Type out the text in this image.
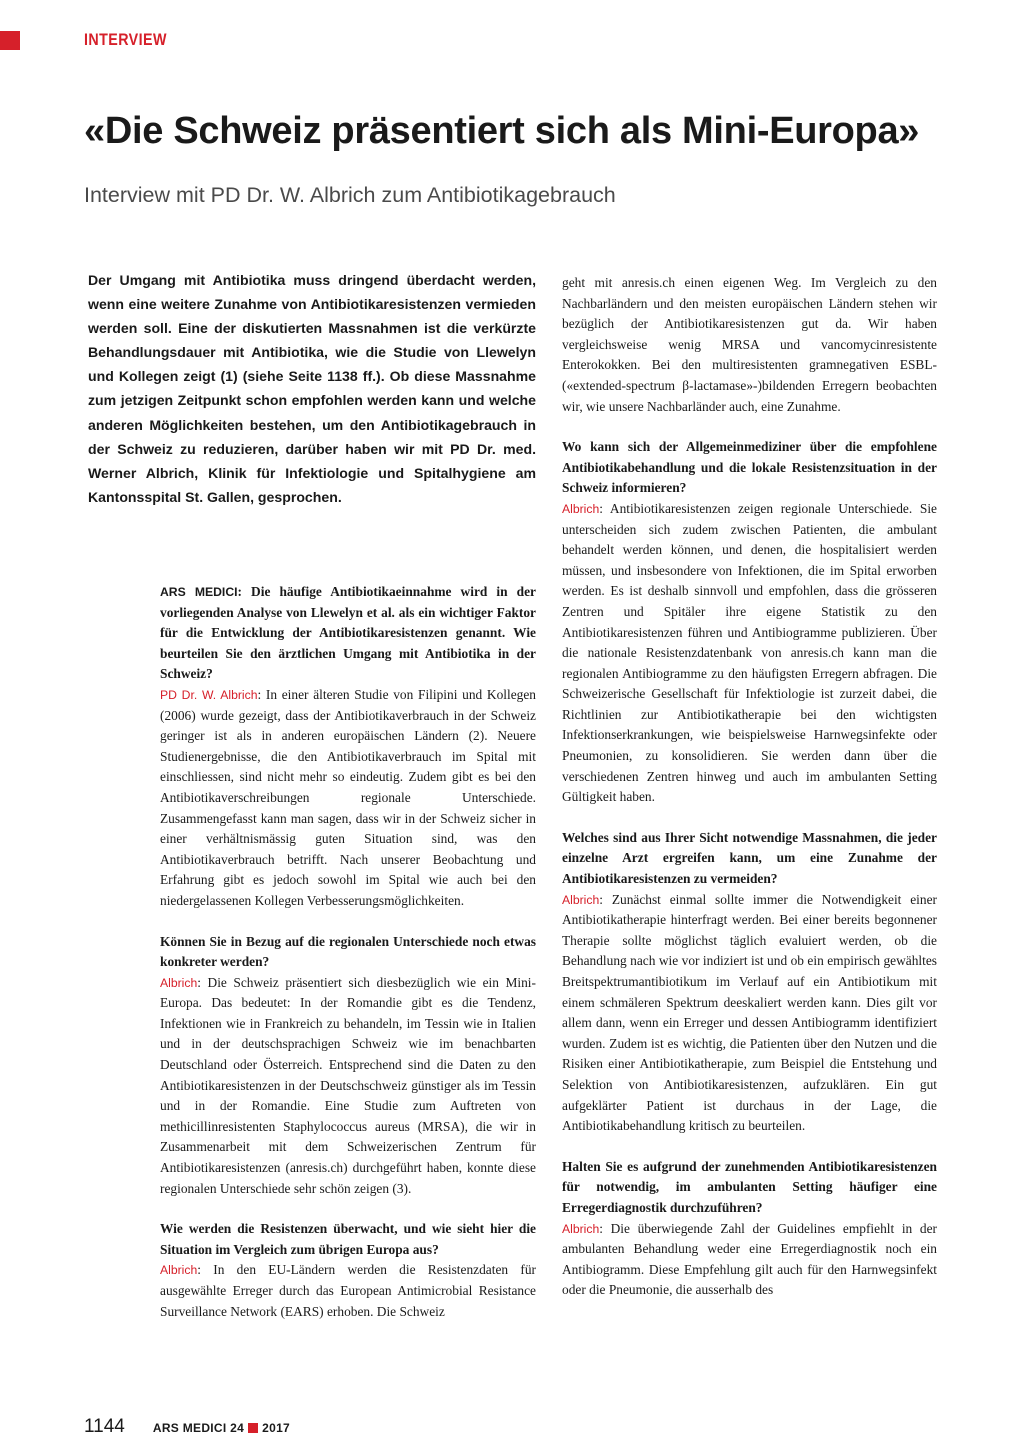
INTERVIEW
«Die Schweiz präsentiert sich als Mini-Europa»
Interview mit PD Dr. W. Albrich zum Antibiotikagebrauch

Der Umgang mit Antibiotika muss dringend überdacht werden, wenn eine weitere Zunahme von Antibiotikaresistenzen vermieden werden soll. Eine der diskutierten Massnahmen ist die verkürzte Behandlungsdauer mit Antibiotika, wie die Studie von Llewelyn und Kollegen zeigt (1) (siehe Seite 1138 ff.). Ob diese Massnahme zum jetzigen Zeitpunkt schon empfohlen werden kann und welche anderen Möglichkeiten bestehen, um den Antibiotikagebrauch in der Schweiz zu reduzieren, darüber haben wir mit PD Dr. med. Werner Albrich, Klinik für Infektiologie und Spitalhygiene am Kantonsspital St. Gallen, gesprochen.

ARS MEDICI: Die häufige Antibiotikaeinnahme wird in der vorliegenden Analyse von Llewelyn et al. als ein wichtiger Faktor für die Entwicklung der Antibiotikaresistenzen genannt. Wie beurteilen Sie den ärztlichen Umgang mit Antibiotika in der Schweiz?

PD Dr. W. Albrich: In einer älteren Studie von Filipini und Kollegen (2006) wurde gezeigt, dass der Antibiotikaverbrauch in der Schweiz geringer ist als in anderen europäischen Ländern (2). Neuere Studienergebnisse, die den Antibiotikaverbrauch im Spital mit einschliessen, sind nicht mehr so eindeutig. Zudem gibt es bei den Antibiotikaverschreibungen regionale Unterschiede. Zusammengefasst kann man sagen, dass wir in der Schweiz sicher in einer verhältnismässig guten Situation sind, was den Antibiotikaverbrauch betrifft. Nach unserer Beobachtung und Erfahrung gibt es jedoch sowohl im Spital wie auch bei den niedergelassenen Kollegen Verbesserungsmöglichkeiten.

Können Sie in Bezug auf die regionalen Unterschiede noch etwas konkreter werden?

Albrich: Die Schweiz präsentiert sich diesbezüglich wie ein Mini-Europa. Das bedeutet: In der Romandie gibt es die Tendenz, Infektionen wie in Frankreich zu behandeln, im Tessin wie in Italien und in der deutschsprachigen Schweiz wie im benachbarten Deutschland oder Österreich. Entsprechend sind die Daten zu den Antibiotikaresistenzen in der Deutschschweiz günstiger als im Tessin und in der Romandie. Eine Studie zum Auftreten von methicillinresistenten Staphylococcus aureus (MRSA), die wir in Zusammenarbeit mit dem Schweizerischen Zentrum für Antibiotikaresistenzen (anresis.ch) durchgeführt haben, konnte diese regionalen Unterschiede sehr schön zeigen (3).

Wie werden die Resistenzen überwacht, und wie sieht hier die Situation im Vergleich zum übrigen Europa aus?

Albrich: In den EU-Ländern werden die Resistenzdaten für ausgewählte Erreger durch das European Antimicrobial Resistance Surveillance Network (EARS) erhoben. Die Schweiz

geht mit anresis.ch einen eigenen Weg. Im Vergleich zu den Nachbarländern und den meisten europäischen Ländern stehen wir bezüglich der Antibiotikaresistenzen gut da. Wir haben vergleichsweise wenig MRSA und vancomycinresistente Enterokokken. Bei den multiresistenten gramnegativen ESBL- («extended-spectrum β-lactamase»-)bildenden Erregern beobachten wir, wie unsere Nachbarländer auch, eine Zunahme.

Wo kann sich der Allgemeinmediziner über die empfohlene Antibiotikabehandlung und die lokale Resistenzsituation in der Schweiz informieren?

Albrich: Antibiotikaresistenzen zeigen regionale Unterschiede. Sie unterscheiden sich zudem zwischen Patienten, die ambulant behandelt werden können, und denen, die hospitalisiert werden müssen, und insbesondere von Infektionen, die im Spital erworben werden. Es ist deshalb sinnvoll und empfohlen, dass die grösseren Zentren und Spitäler ihre eigene Statistik zu den Antibiotikaresistenzen führen und Antibiogramme publizieren. Über die nationale Resistenzdatenbank von anresis.ch kann man die regionalen Antibiogramme zu den häufigsten Erregern abfragen. Die Schweizerische Gesellschaft für Infektiologie ist zurzeit dabei, die Richtlinien zur Antibiotikatherapie bei den wichtigsten Infektionserkrankungen, wie beispielsweise Harnwegsinfekte oder Pneumonien, zu konsolidieren. Sie werden dann über die verschiedenen Zentren hinweg und auch im ambulanten Setting Gültigkeit haben.

Welches sind aus Ihrer Sicht notwendige Massnahmen, die jeder einzelne Arzt ergreifen kann, um eine Zunahme der Antibiotikaresistenzen zu vermeiden?

Albrich: Zunächst einmal sollte immer die Notwendigkeit einer Antibiotikatherapie hinterfragt werden. Bei einer bereits begonnener Therapie sollte möglichst täglich evaluiert werden, ob die Behandlung nach wie vor indiziert ist und ob ein empirisch gewähltes Breitspektrumantibiotikum im Verlauf auf ein Antibiotikum mit einem schmäleren Spektrum deeskaliert werden kann. Dies gilt vor allem dann, wenn ein Erreger und dessen Antibiogramm identifiziert wurden. Zudem ist es wichtig, die Patienten über den Nutzen und die Risiken einer Antibiotikatherapie, zum Beispiel die Entstehung und Selektion von Antibiotikaresistenzen, aufzuklären. Ein gut aufgeklärter Patient ist durchaus in der Lage, die Antibiotikabehandlung kritisch zu beurteilen.

Halten Sie es aufgrund der zunehmenden Antibiotikaresistenzen für notwendig, im ambulanten Setting häufiger eine Erregerdiagnostik durchzuführen?

Albrich: Die überwiegende Zahl der Guidelines empfiehlt in der ambulanten Behandlung weder eine Erregerdiagnostik noch ein Antibiogramm. Diese Empfehlung gilt auch für den Harnwegsinfekt oder die Pneumonie, die ausserhalb des

1144 ARS MEDICI 24 2017
